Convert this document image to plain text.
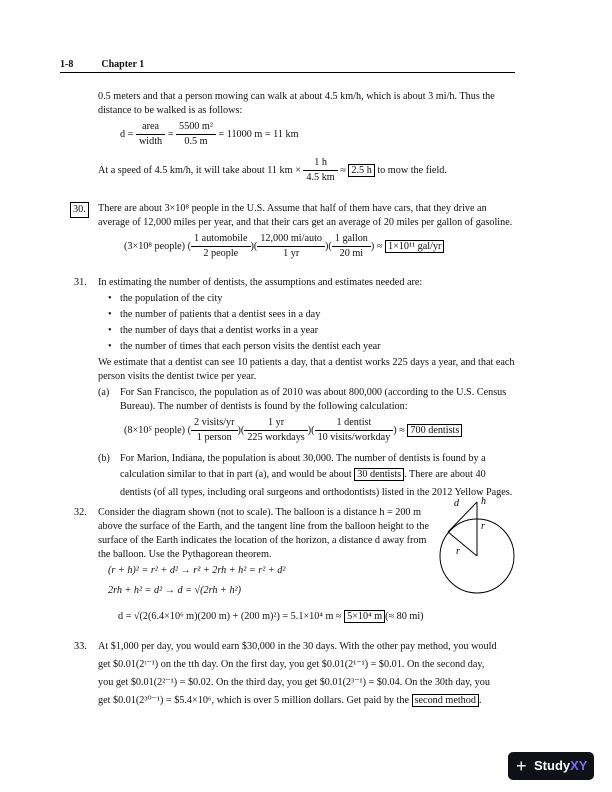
1-8	Chapter 1
0.5 meters and that a person mowing can walk at about 4.5 km/h, which is about 3 mi/h. Thus the
distance to be walked is as follows:
$d = \frac{\text{area}}{\text{width}} = \frac{\text{5500 m²}}{0.5 m} = 11000$ m = 11 km
At a speed of 4.5 km/h, it will take about 11 km × $\frac{1 h}{4.5 km} \approx 2.5$ h to mow the field.
30. There are about 3×10⁸ people in the U.S. Assume that half of them have cars, that they drive an
average of 12,000 miles per year, and that their cars get an average of 20 miles per gallon of gasoline.
(3×10⁸ people) ( $\frac{\text{1 automobile}}{\text{2 people}}$ )( $\frac{\text{12,000 mi/auto}}{1 yr}$ )( $\frac{\text{1 gallon}}{20 mi}$ ) ≈ 1×10¹¹ gal/yr
31. In estimating the number of dentists, the assumptions and estimates needed are:
• the population of the city
• the number of patients that a dentist sees in a day
• the number of days that a dentist works in a year
• the number of times that each person visits the dentist each year
We estimate that a dentist can see 10 patients a day, that a dentist works 225 days a year, and that each
person visits the dentist twice per year.
(a) For San Francisco, the population as of 2010 was about 800,000 (according to the U.S. Census
Bureau). The number of dentists is found by the following calculation:
(8×10⁵ people) ( $\frac{\text{2 visits/yr}}{\text{1 person}}$ )( $\frac{1 yr}{\text{225 workdays}}$ )( $\frac{\text{1 dentist}}{\text{10 visits/workday}}$ ) ≈ 700 dentists
(b) For Marion, Indiana, the population is about 30,000. The number of dentists is found by a
calculation similar to that in part (a), and would be about 30 dentists . There are about 40
dentists (of all types, including oral surgeons and orthodontists) listed in the 2012 Yellow Pages.
32. Consider the diagram shown (not to scale). The balloon is a distance h = 200 m
above the surface of the Earth, and the tangent line from the balloon height to the
surface of the Earth indicates the location of the horizon, a distance d away from
the balloon. Use the Pythagorean theorem.
(r + h)² = r² + d² → r² + 2rh + h² = r² + d²
2rh + h² = d² → d = √(2rh + h²)
d = √(2(6.4×10⁶ m)(200 m) + (200 m)²) = 5.1×10⁴ m ≈ 5×10⁴ m (≈ 80 mi)
d h
r
r
33. At $1,000 per day, you would earn $30,000 in the 30 days. With the other pay method, you would
get $0.01(2ᵗ⁻¹) on the tth day. On the first day, you get $0.01(2¹⁻¹) = $0.01. On the second day,
you get $0.01(2²⁻¹) = $0.02. On the third day, you get $0.01(2³⁻¹) = $0.04. On the 30th day, you
get $0.01(2³⁰⁻¹) = $5.4×10⁶, which is over 5 million dollars. Get paid by the second method .
+ StudyXY
